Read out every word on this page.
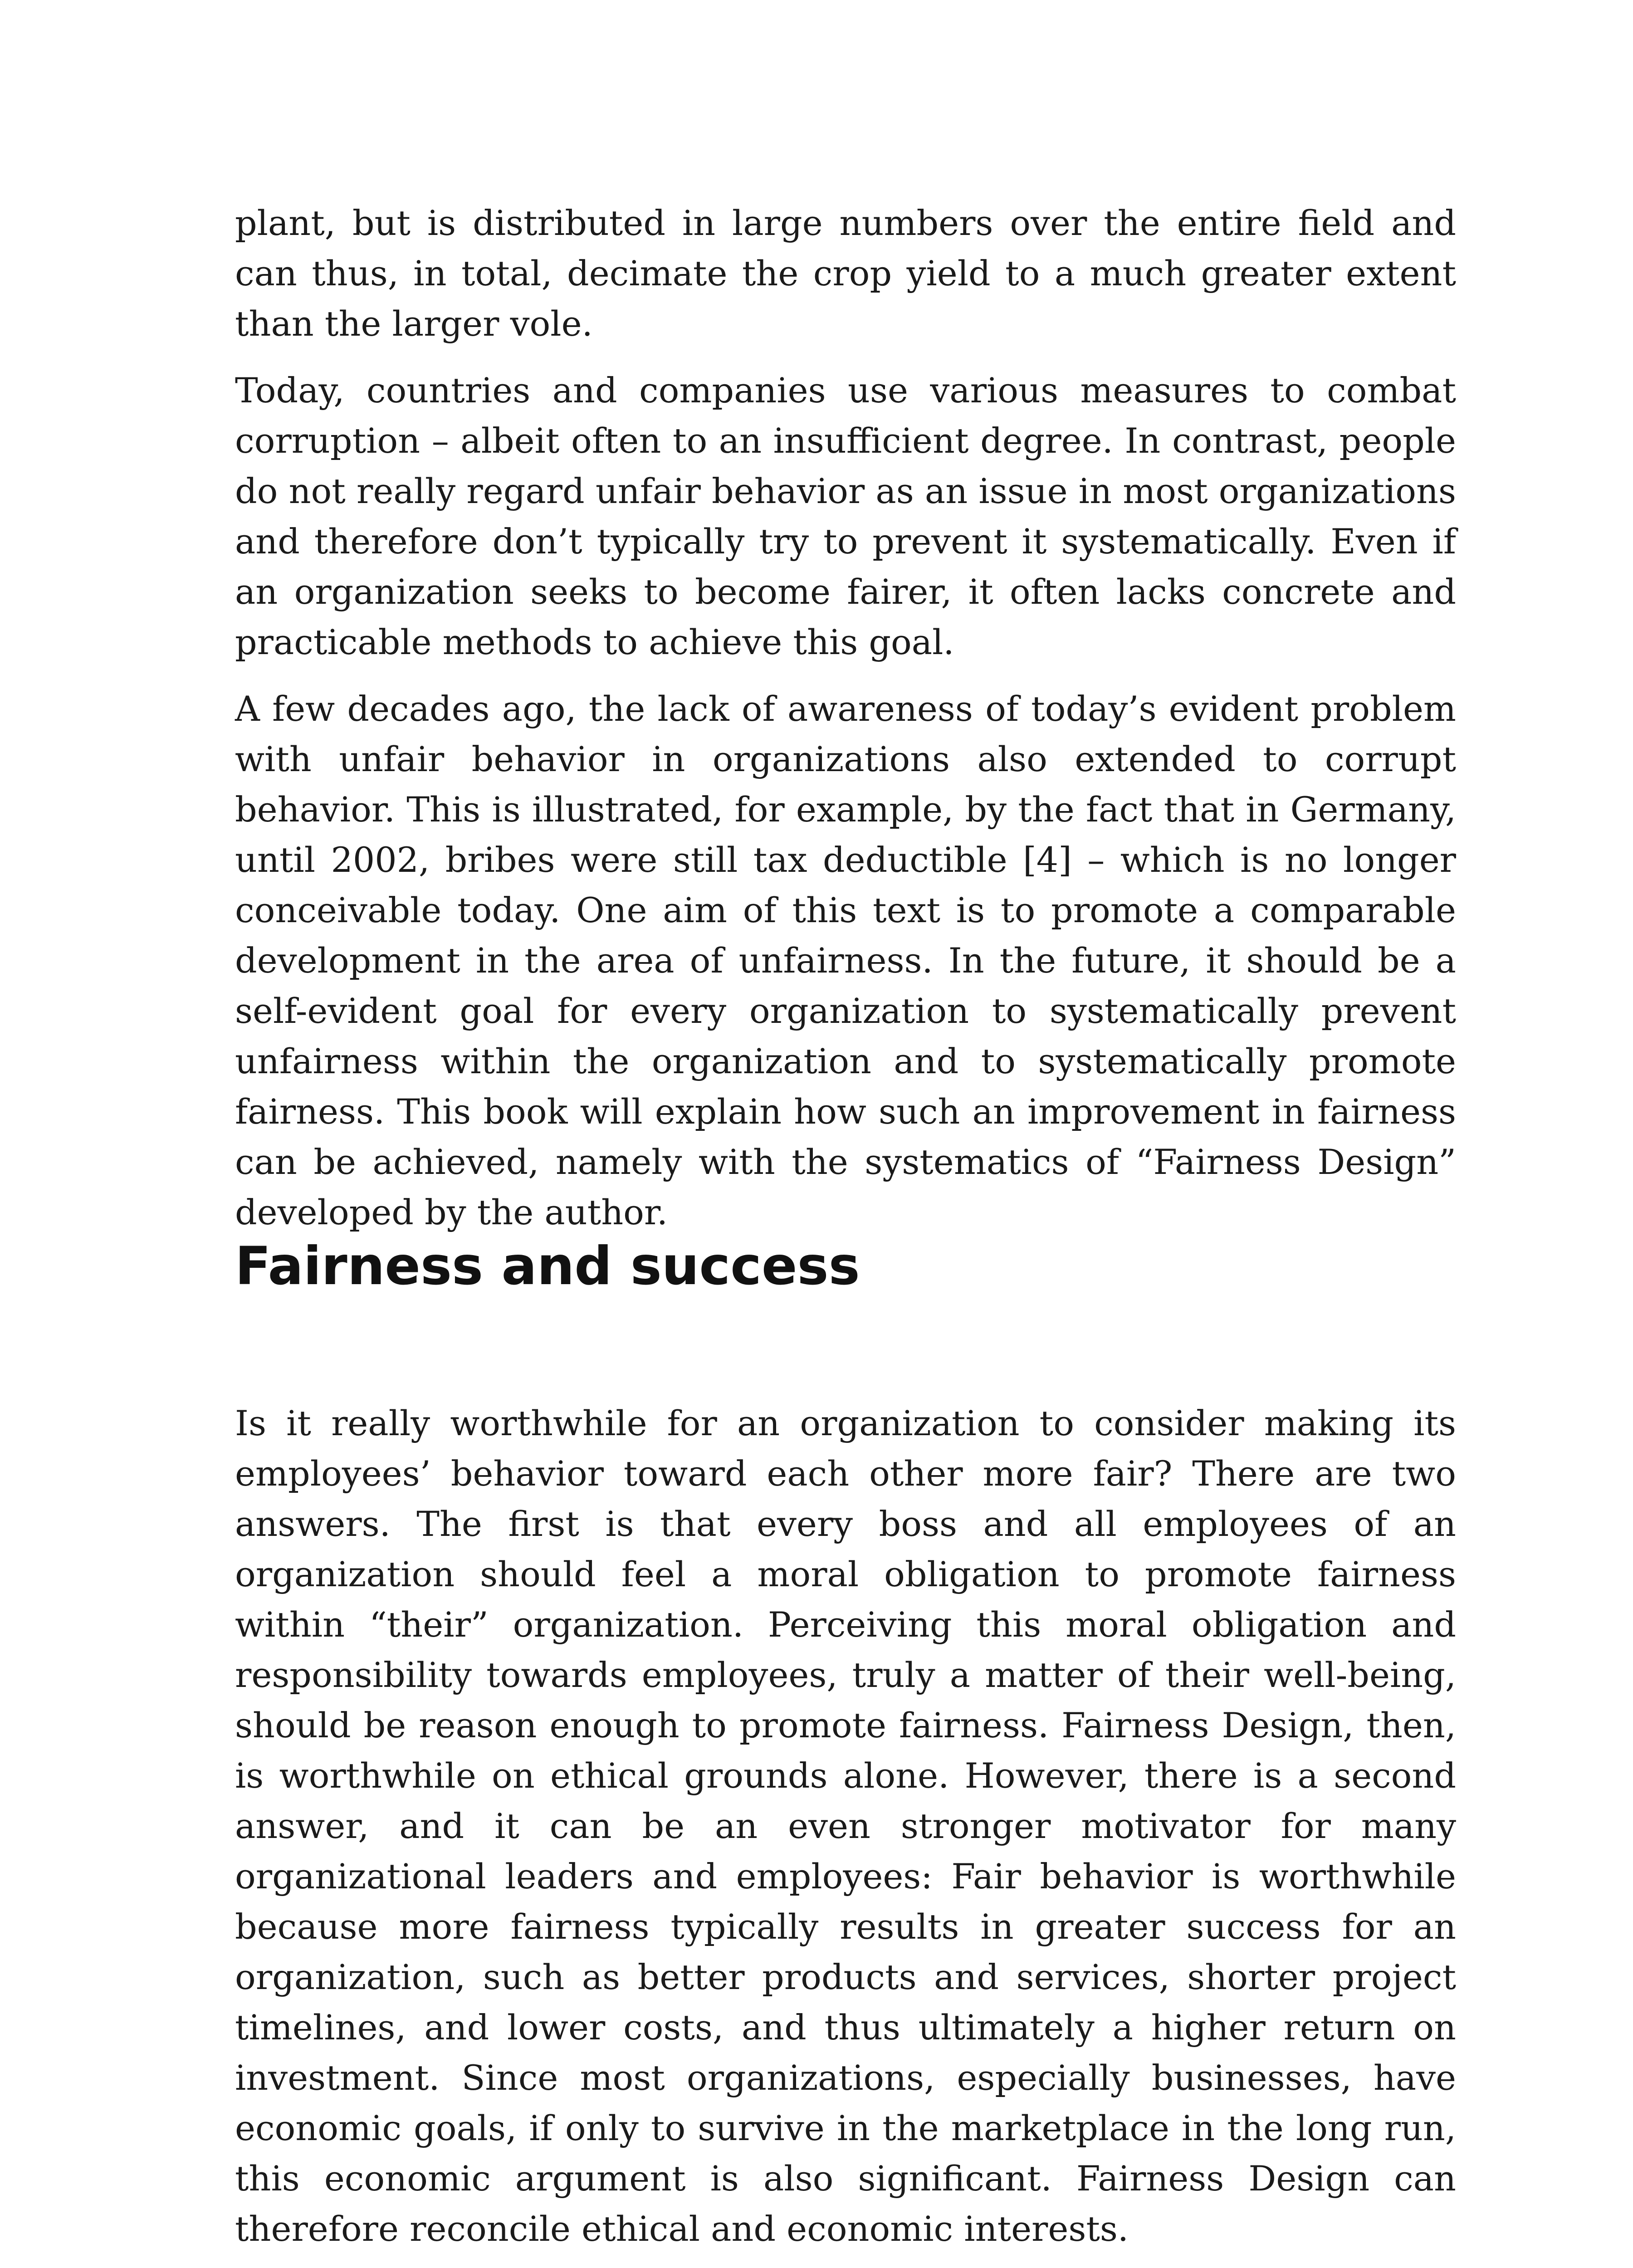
plant, but is distributed in large numbers over the entire field and can thus, in total, decimate the crop yield to a much greater extent than the larger vole.

Today, countries and companies use various measures to combat corruption – albeit often to an insufficient degree. In contrast, people do not really regard unfair behavior as an issue in most organizations and therefore don’t typically try to prevent it systematically. Even if an organization seeks to become fairer, it often lacks concrete and practicable methods to achieve this goal.

A few decades ago, the lack of awareness of today’s evident problem with unfair behavior in organizations also extended to corrupt behavior. This is illustrated, for example, by the fact that in Germany, until 2002, bribes were still tax deductible [4] – which is no longer conceivable today. One aim of this text is to promote a comparable development in the area of unfairness. In the future, it should be a self-evident goal for every organization to systematically prevent unfairness within the organization and to systematically promote fairness. This book will explain how such an improvement in fairness can be achieved, namely with the systematics of “Fairness Design” developed by the author.

Fairness and success

Is it really worthwhile for an organization to consider making its employees’ behavior toward each other more fair? There are two answers. The first is that every boss and all employees of an organization should feel a moral obligation to promote fairness within “their” organization. Perceiving this moral obligation and responsibility towards employees, truly a matter of their well-being, should be reason enough to promote fairness. Fairness Design, then, is worthwhile on ethical grounds alone. However, there is a second answer, and it can be an even stronger motivator for many organizational leaders and employees: Fair behavior is worthwhile because more fairness typically results in greater success for an organization, such as better products and services, shorter project timelines, and lower costs, and thus ultimately a higher return on investment. Since most organizations, especially businesses, have economic goals, if only to survive in the marketplace in the long run, this economic argument is also significant. Fairness Design can therefore reconcile ethical and economic interests.
